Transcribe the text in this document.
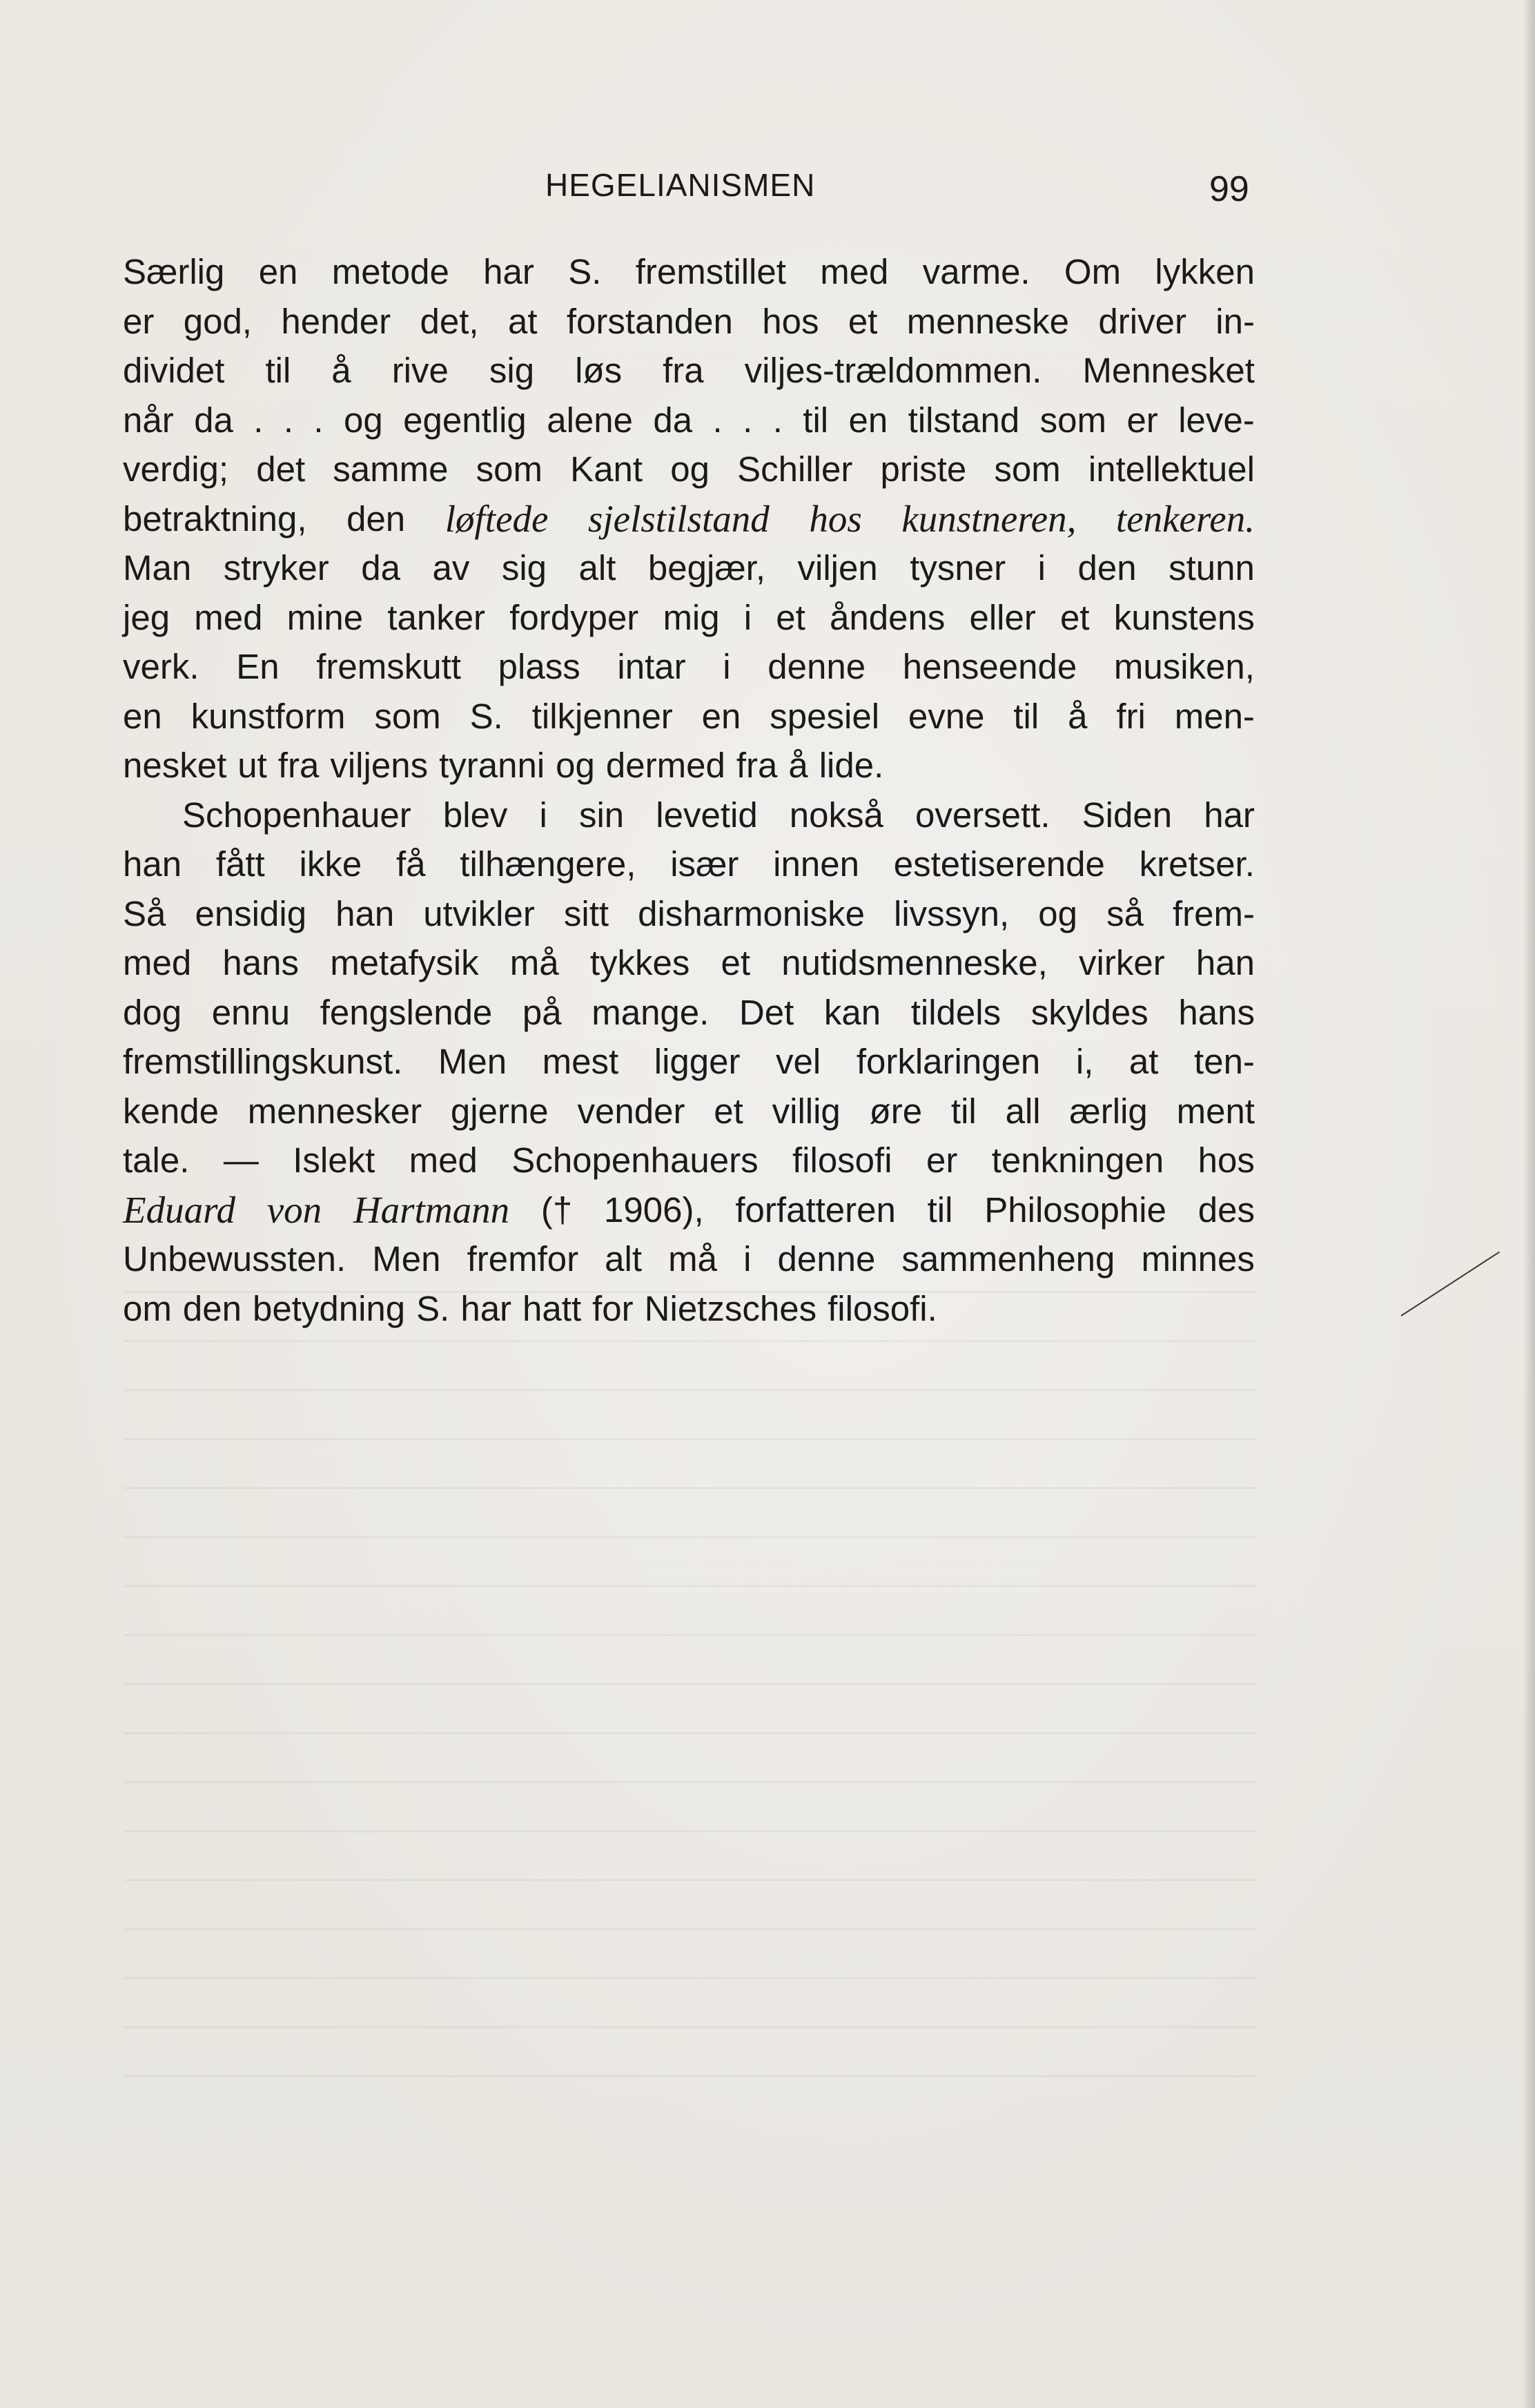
HEGELIANISMEN	99
Særlig en metode har S. fremstillet med varme. Om lykken
er god, hender det, at forstanden hos et menneske driver in-
dividet til å rive sig løs fra viljes-trældommen. Mennesket
når da . . . og egentlig alene da . . . til en tilstand som er leve-
verdig; det samme som Kant og Schiller priste som intellektuel
betraktning, den løftede sjelstilstand hos kunstneren, tenkeren.
Man stryker da av sig alt begjær, viljen tysner i den stunn
jeg med mine tanker fordyper mig i et åndens eller et kunstens
verk. En fremskutt plass intar i denne henseende musiken,
en kunstform som S. tilkjenner en spesiel evne til å fri men-
nesket ut fra viljens tyranni og dermed fra å lide.
Schopenhauer blev i sin levetid nokså oversett. Siden har
han fått ikke få tilhængere, især innen estetiserende kretser.
Så ensidig han utvikler sitt disharmoniske livssyn, og så frem-
med hans metafysik må tykkes et nutidsmenneske, virker han
dog ennu fengslende på mange. Det kan tildels skyldes hans
fremstillingskunst. Men mest ligger vel forklaringen i, at ten-
kende mennesker gjerne vender et villig øre til all ærlig ment
tale. — Islekt med Schopenhauers filosofi er tenkningen hos
Eduard von Hartmann († 1906), forfatteren til Philosophie des
Unbewussten. Men fremfor alt må i denne sammenheng minnes
om den betydning S. har hatt for Nietzsches filosofi.
